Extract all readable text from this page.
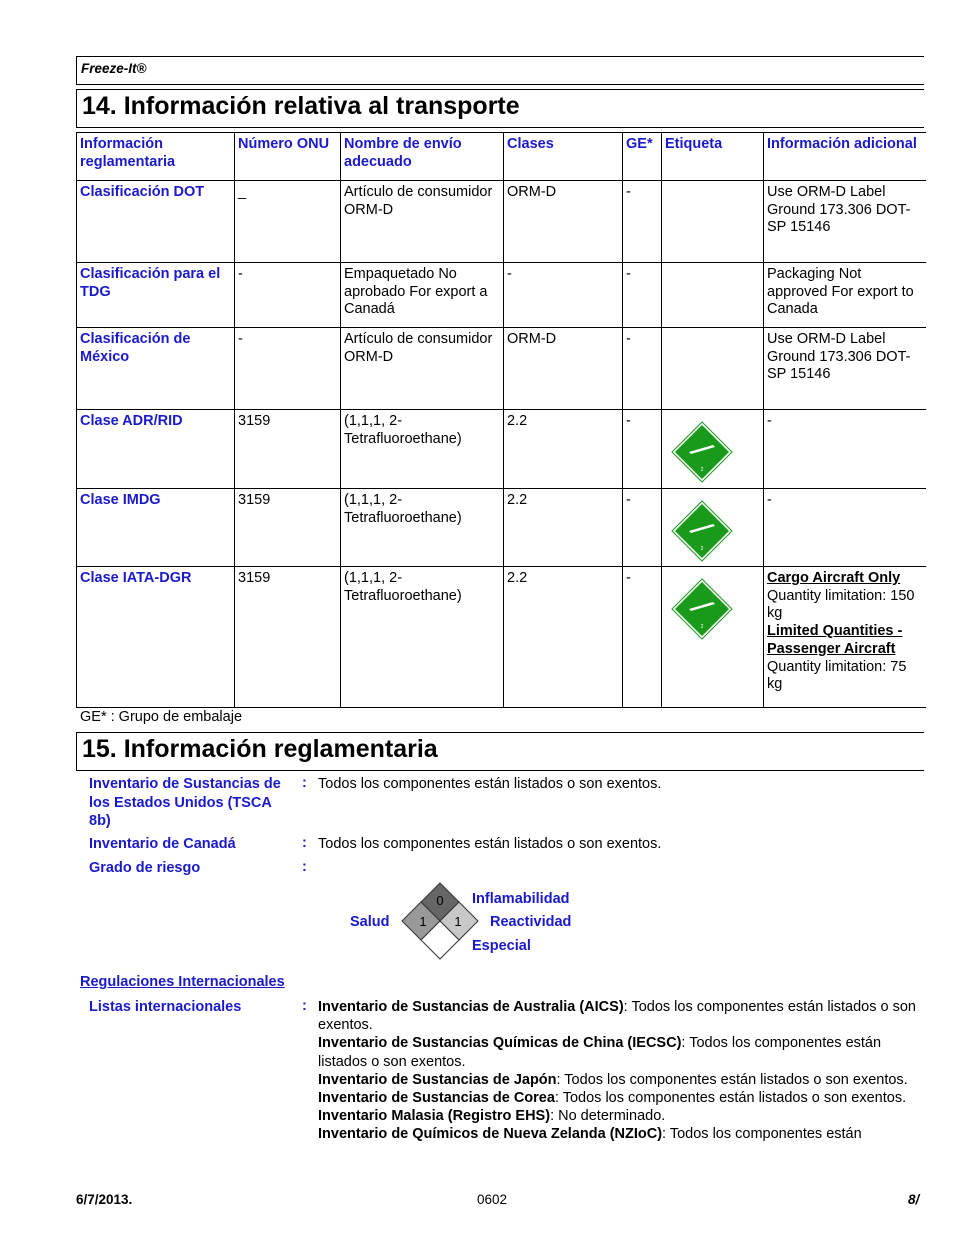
Freeze-It®
14. Información relativa al transporte
Información reglamentaria	Número ONU	Nombre de envío adecuado	Clases	GE*	Etiqueta	Información adicional
Clasificación DOT	_	Artículo de consumidor ORM-D	ORM-D	-		Use ORM-D Label Ground 173.306 DOT-SP 15146
Clasificación para el TDG	-	Empaquetado No aprobado For export a Canadá	-	-		Packaging Not approved For export to Canada
Clasificación de México	-	Artículo de consumidor ORM-D	ORM-D	-		Use ORM-D Label Ground 173.306 DOT-SP 15146
Clase ADR/RID	3159	(1,1,1, 2-Tetrafluoroethane)	2.2	-	2	-
Clase IMDG	3159	(1,1,1, 2-Tetrafluoroethane)	2.2	-	2	-
Clase IATA-DGR	3159	(1,1,1, 2-Tetrafluoroethane)	2.2	-	2	Cargo Aircraft Only
Quantity limitation: 150 kg
Limited Quantities - Passenger Aircraft
Quantity limitation: 75 kg
GE* : Grupo de embalaje
15. Información reglamentaria
Inventario de Sustancias de los Estados Unidos (TSCA 8b)
: Todos los componentes están listados o son exentos.
Inventario de Canadá	: Todos los componentes están listados o son exentos.
Grado de riesgo	:
0
1 1
Salud
Inflamabilidad
Reactividad
Especial
Regulaciones Internacionales
Listas internacionales	: Inventario de Sustancias de Australia (AICS): Todos los componentes están listados o son exentos.
Inventario de Sustancias Químicas de China (IECSC): Todos los componentes están listados o son exentos.
Inventario de Sustancias de Japón: Todos los componentes están listados o son exentos.
Inventario de Sustancias de Corea: Todos los componentes están listados o son exentos.
Inventario Malasia (Registro EHS): No determinado.
Inventario de Químicos de Nueva Zelanda (NZIoC): Todos los componentes están
6/7/2013.	0602	8/
